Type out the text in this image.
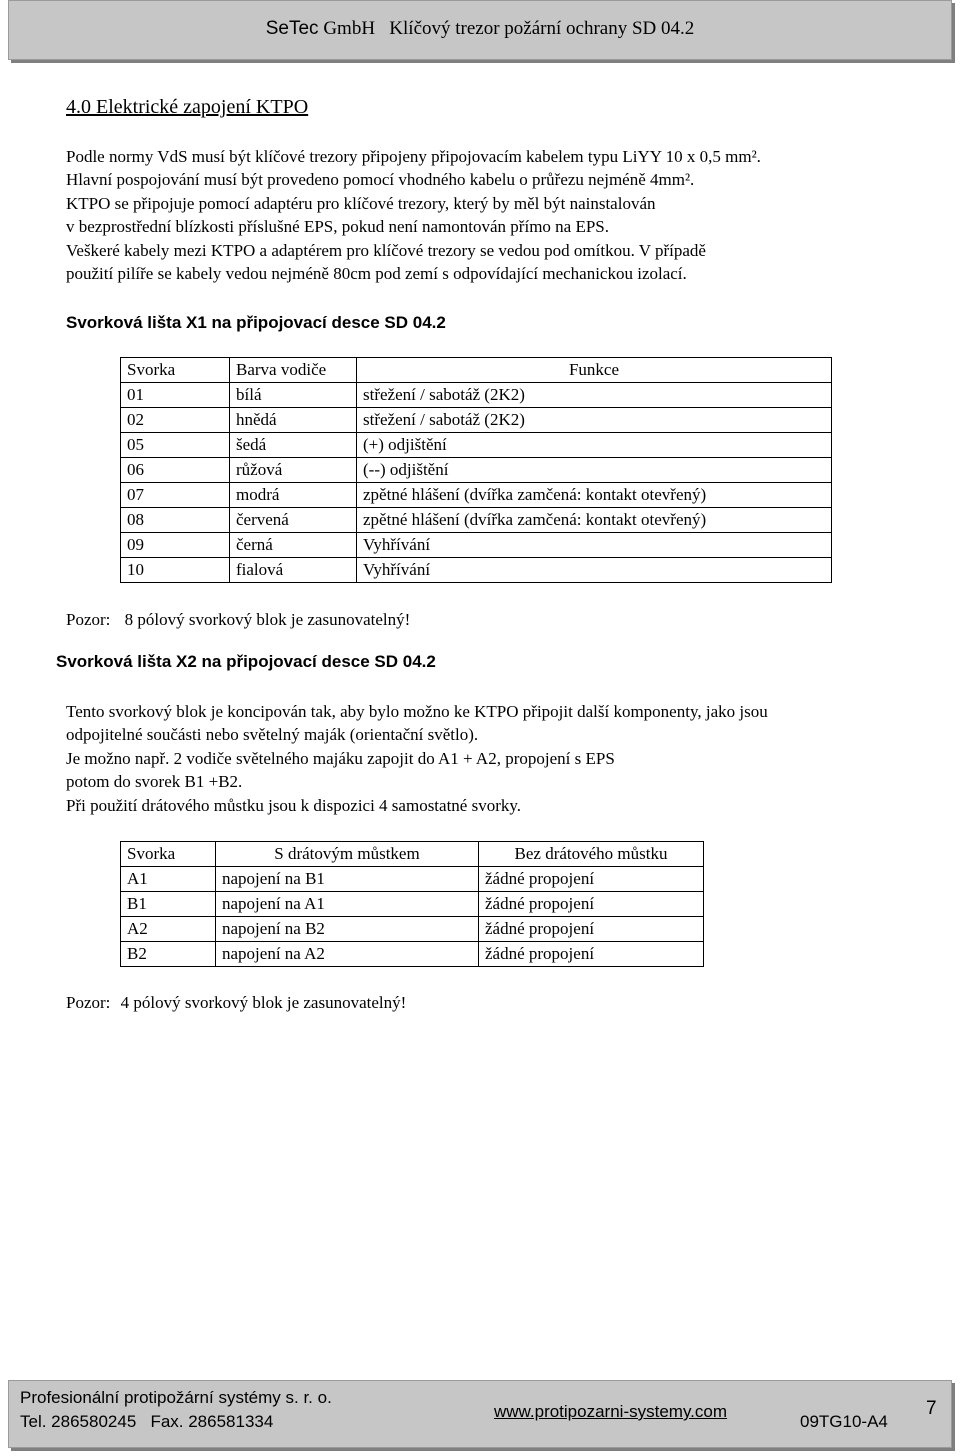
SeTec GmbH   Klíčový trezor požární ochrany SD 04.2
4.0 Elektrické zapojení KTPO

Podle normy VdS musí být klíčové trezory připojeny připojovacím kabelem typu LiYY 10 x 0,5 mm².

Hlavní pospojování musí být provedeno pomocí vhodného kabelu o průřezu nejméně 4mm².

KTPO se připojuje pomocí adaptéru pro klíčové trezory, který by měl být nainstalován

v bezprostřední blízkosti příslušné EPS, pokud není namontován přímo na EPS.

Veškeré kabely mezi KTPO a adaptérem pro klíčové trezory se vedou pod omítkou. V případě

použití pilíře se kabely vedou nejméně 80cm pod zemí s odpovídající mechanickou izolací.

Svorková lišta X1 na připojovací desce SD 04.2
Svorka	Barva vodiče	Funkce
01	bílá	střežení / sabotáž (2K2)
02	hnědá	střežení / sabotáž (2K2)
05	šedá	(+) odjištění
06	růžová	(--) odjištění
07	modrá	zpětné hlášení (dvířka zamčená: kontakt otevřený)
08	červená	zpětné hlášení (dvířka zamčená: kontakt otevřený)
09	černá	Vyhřívání
10	fialová	Vyhřívání
Pozor: 8 pólový svorkový blok je zasunovatelný!
Svorková lišta X2 na připojovací desce SD 04.2

Tento svorkový blok je koncipován tak, aby bylo možno ke KTPO připojit další komponenty, jako jsou

odpojitelné součásti nebo světelný maják (orientační světlo).

Je možno např. 2 vodiče světelného majáku zapojit do A1 + A2, propojení s EPS

potom do svorek B1 +B2.

Při použití drátového můstku jsou k dispozici 4 samostatné svorky.

Svorka	S drátovým můstkem	Bez drátového můstku
A1	napojení na B1	žádné propojení
B1	napojení na A1	žádné propojení
A2	napojení na B2	žádné propojení
B2	napojení na A2	žádné propojení
Pozor: 4 pólový svorkový blok je zasunovatelný!
Profesionální protipožární systémy s. r. o.
Tel. 286580245   Fax. 286581334
www.protipozarni-systemy.com
09TG10-A4
7
